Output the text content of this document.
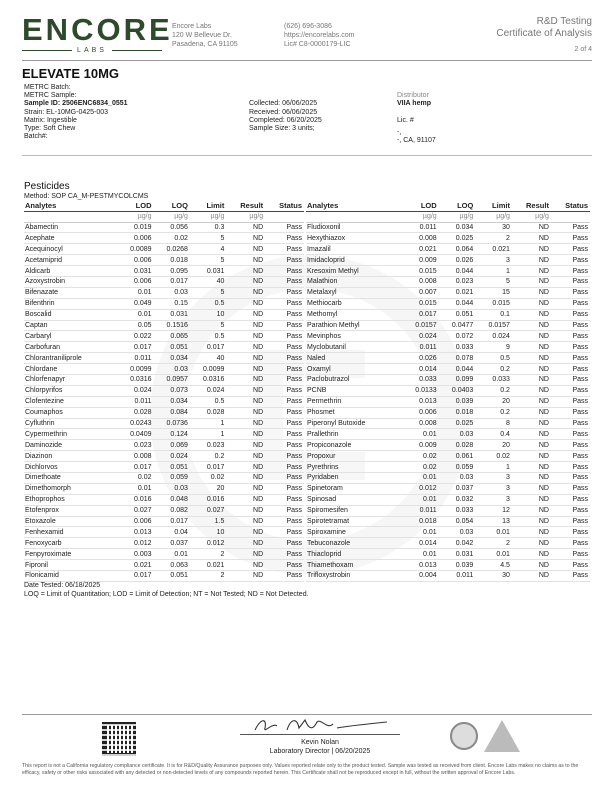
ENCORE
LABS
Encore Labs
120 W Bellevue Dr.
Pasadena, CA 91105
(626) 696-3086
https://encorelabs.com
Lic# C8-0000179-LIC
R&D Testing
Certificate of Analysis
2 of 4
ELEVATE 10MG
METRC Batch:
METRC Sample:
Sample ID: 2506ENC6834_0551
Strain: EL-10MG-0425-003
Matrix: Ingestible
Type: Soft Chew
Batch#:
Collected: 06/06/2025
Received: 06/06/2025
Completed: 06/20/2025
Sample Size: 3 units;
Distributor
VIIA hemp
Lic. #
-,
-, CA, 91107
Pesticides
Method: SOP CA_M-PESTMYCOLCMS
Analytes	LOD	LOQ	Limit	Result	Status
	µg/g	µg/g	µg/g	µg/g	
Abamectin	0.019	0.056	0.3	ND	Pass
Acephate	0.006	0.02	5	ND	Pass
Acequinocyl	0.0089	0.0268	4	ND	Pass
Acetamiprid	0.006	0.018	5	ND	Pass
Aldicarb	0.031	0.095	0.031	ND	Pass
Azoxystrobin	0.006	0.017	40	ND	Pass
Bifenazate	0.01	0.03	5	ND	Pass
Bifenthrin	0.049	0.15	0.5	ND	Pass
Boscalid	0.01	0.031	10	ND	Pass
Captan	0.05	0.1516	5	ND	Pass
Carbaryl	0.022	0.065	0.5	ND	Pass
Carbofuran	0.017	0.051	0.017	ND	Pass
Chlorantraniliprole	0.011	0.034	40	ND	Pass
Chlordane	0.0099	0.03	0.0099	ND	Pass
Chlorfenapyr	0.0316	0.0957	0.0316	ND	Pass
Chlorpyrifos	0.024	0.073	0.024	ND	Pass
Clofentezine	0.011	0.034	0.5	ND	Pass
Coumaphos	0.028	0.084	0.028	ND	Pass
Cyfluthrin	0.0243	0.0736	1	ND	Pass
Cypermethrin	0.0409	0.124	1	ND	Pass
Daminozide	0.023	0.069	0.023	ND	Pass
Diazinon	0.008	0.024	0.2	ND	Pass
Dichlorvos	0.017	0.051	0.017	ND	Pass
Dimethoate	0.02	0.059	0.02	ND	Pass
Dimethomorph	0.01	0.03	20	ND	Pass
Ethoprophos	0.016	0.048	0.016	ND	Pass
Etofenprox	0.027	0.082	0.027	ND	Pass
Etoxazole	0.006	0.017	1.5	ND	Pass
Fenhexamid	0.013	0.04	10	ND	Pass
Fenoxycarb	0.012	0.037	0.012	ND	Pass
Fenpyroximate	0.003	0.01	2	ND	Pass
Fipronil	0.021	0.063	0.021	ND	Pass
Flonicamid	0.017	0.051	2	ND	Pass
Analytes	LOD	LOQ	Limit	Result	Status
	µg/g	µg/g	µg/g	µg/g	
Fludioxonil	0.011	0.034	30	ND	Pass
Hexythiazox	0.008	0.025	2	ND	Pass
Imazalil	0.021	0.064	0.021	ND	Pass
Imidacloprid	0.009	0.026	3	ND	Pass
Kresoxim Methyl	0.015	0.044	1	ND	Pass
Malathion	0.008	0.023	5	ND	Pass
Metalaxyl	0.007	0.021	15	ND	Pass
Methiocarb	0.015	0.044	0.015	ND	Pass
Methomyl	0.017	0.051	0.1	ND	Pass
Parathion Methyl	0.0157	0.0477	0.0157	ND	Pass
Mevinphos	0.024	0.072	0.024	ND	Pass
Myclobutanil	0.011	0.033	9	ND	Pass
Naled	0.026	0.078	0.5	ND	Pass
Oxamyl	0.014	0.044	0.2	ND	Pass
Paclobutrazol	0.033	0.099	0.033	ND	Pass
PCNB	0.0133	0.0403	0.2	ND	Pass
Permethrin	0.013	0.039	20	ND	Pass
Phosmet	0.006	0.018	0.2	ND	Pass
Piperonyl Butoxide	0.008	0.025	8	ND	Pass
Prallethrin	0.01	0.03	0.4	ND	Pass
Propiconazole	0.009	0.028	20	ND	Pass
Propoxur	0.02	0.061	0.02	ND	Pass
Pyrethrins	0.02	0.059	1	ND	Pass
Pyridaben	0.01	0.03	3	ND	Pass
Spinetoram	0.012	0.037	3	ND	Pass
Spinosad	0.01	0.032	3	ND	Pass
Spiromesifen	0.011	0.033	12	ND	Pass
Spirotetramat	0.018	0.054	13	ND	Pass
Spiroxamine	0.01	0.03	0.01	ND	Pass
Tebuconazole	0.014	0.042	2	ND	Pass
Thiacloprid	0.01	0.031	0.01	ND	Pass
Thiamethoxam	0.013	0.039	4.5	ND	Pass
Trifloxystrobin	0.004	0.011	30	ND	Pass
Date Tested: 06/18/2025
LOQ = Limit of Quantitation; LOD = Limit of Detection; NT = Not Tested; ND = Not Detected.
Kevin Nolan
Laboratory Director | 06/20/2025
This report is not a California regulatory compliance certificate. It is for R&D/Quality Assurance purposes only. Values reported relate only to the product tested. Sample was tested as received from client. Encore Labs makes no claims as to the efficacy, safety or other risks associated with any detected or non-detected levels of any compounds reported herein. This Certificate shall not be reproduced except in full, without the written approval of Encore Labs.
